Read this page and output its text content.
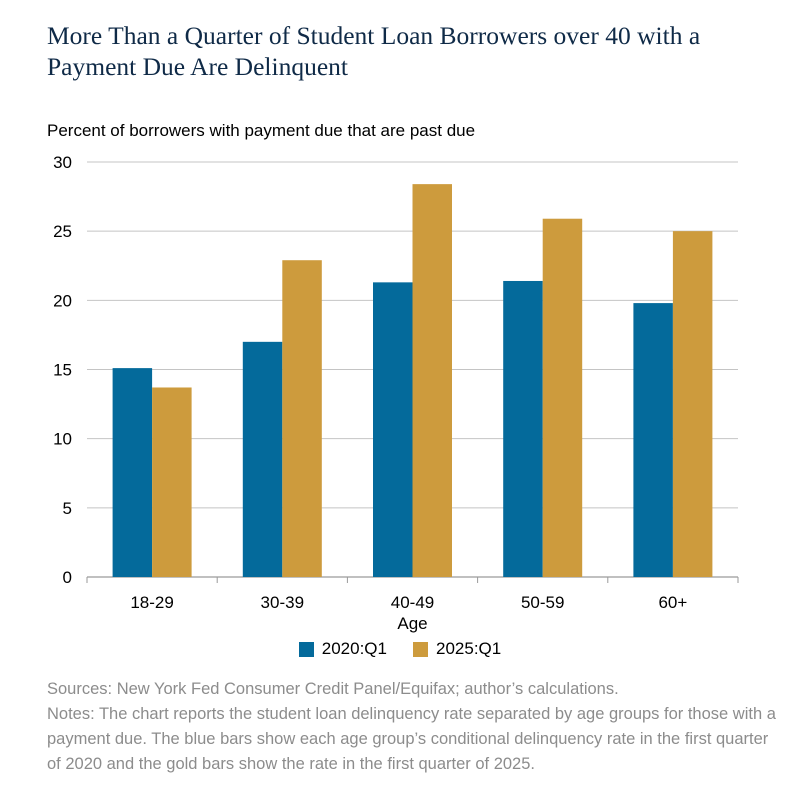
More Than a Quarter of Student Loan Borrowers over 40 with a Payment Due Are Delinquent
Percent of borrowers with payment due that are past due
0
5
10
15
20
25
30
18-29	30-39	40-49	50-59	60+
Age
2020:Q1	2025:Q1
Sources: New York Fed Consumer Credit Panel/Equifax; author’s calculations.
Notes: The chart reports the student loan delinquency rate separated by age groups for those with a payment due. The blue bars show each age group’s conditional delinquency rate in the first quarter of 2020 and the gold bars show the rate in the first quarter of 2025.
